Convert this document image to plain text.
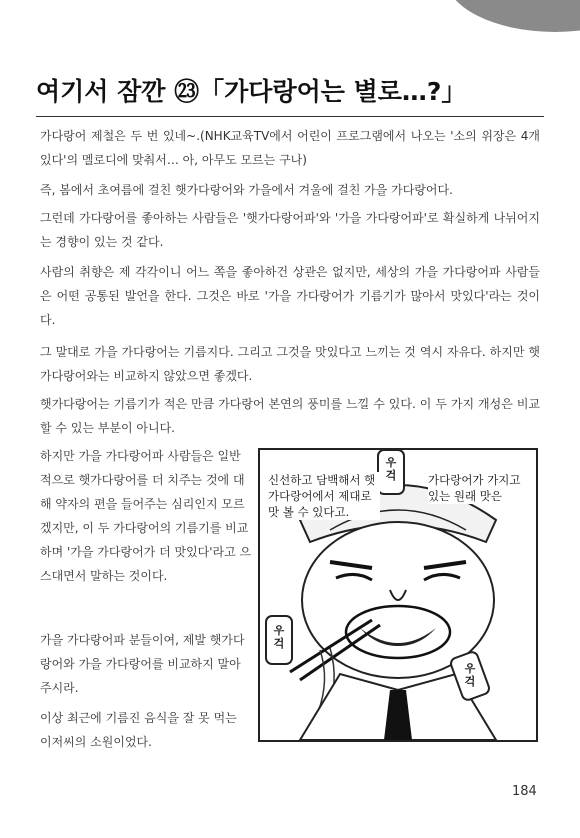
여기서 잠깐 ㉓「가다랑어는 별로…?」
가다랑어 제철은 두 번 있네~.(NHK교육TV에서 어린이 프로그램에서 나오는 '소의 위장은 4개 있다'의 멜로디에 맞춰서… 아, 아무도 모르는 구나)
즉, 봄에서 초여름에 걸친 햇가다랑어와 가을에서 겨울에 걸친 가을 가다랑어다.
그런데 가다랑어를 좋아하는 사람들은 '햇가다랑어파'와 '가을 가다랑어파'로 확실하게 나뉘어지는 경향이 있는 것 같다.
사람의 취향은 제 각각이니 어느 쪽을 좋아하건 상관은 없지만, 세상의 가을 가다랑어파 사람들은 어떤 공통된 발언을 한다. 그것은 바로 '가을 가다랑어가 기름기가 많아서 맛있다'라는 것이다.
그 말대로 가을 가다랑어는 기름지다. 그리고 그것을 맛있다고 느끼는 것 역시 자유다. 하지만 햇가다랑어와는 비교하지 않았으면 좋겠다.
햇가다랑어는 기름기가 적은 만큼 가다랑어 본연의 풍미를 느낄 수 있다. 이 두 가지 개성은 비교 할 수 있는 부분이 아니다.
하지만 가을 가다랑어파 사람들은 일반적으로 햇가다랑어를 더 치주는 것에 대해 약자의 편을 들어주는 심리인지 모르겠지만, 이 두 가다랑어의 기름기를 비교하며 '가을 가다랑어가 더 맛있다'라고 으스대면서 말하는 것이다.
가을 가다랑어파 분들이여, 제발 햇가다랑어와 가을 가다랑어를 비교하지 말아주시라.
이상 최근에 기름진 음식을 잘 못 먹는 이저씨의 소원이었다.
신선하고 담백해서 햇가다랑어에서 제대로 맛 볼 수 있다고.
가다랑어가 가지고 있는 원래 맛은
우걱
우걱
우걱
184
